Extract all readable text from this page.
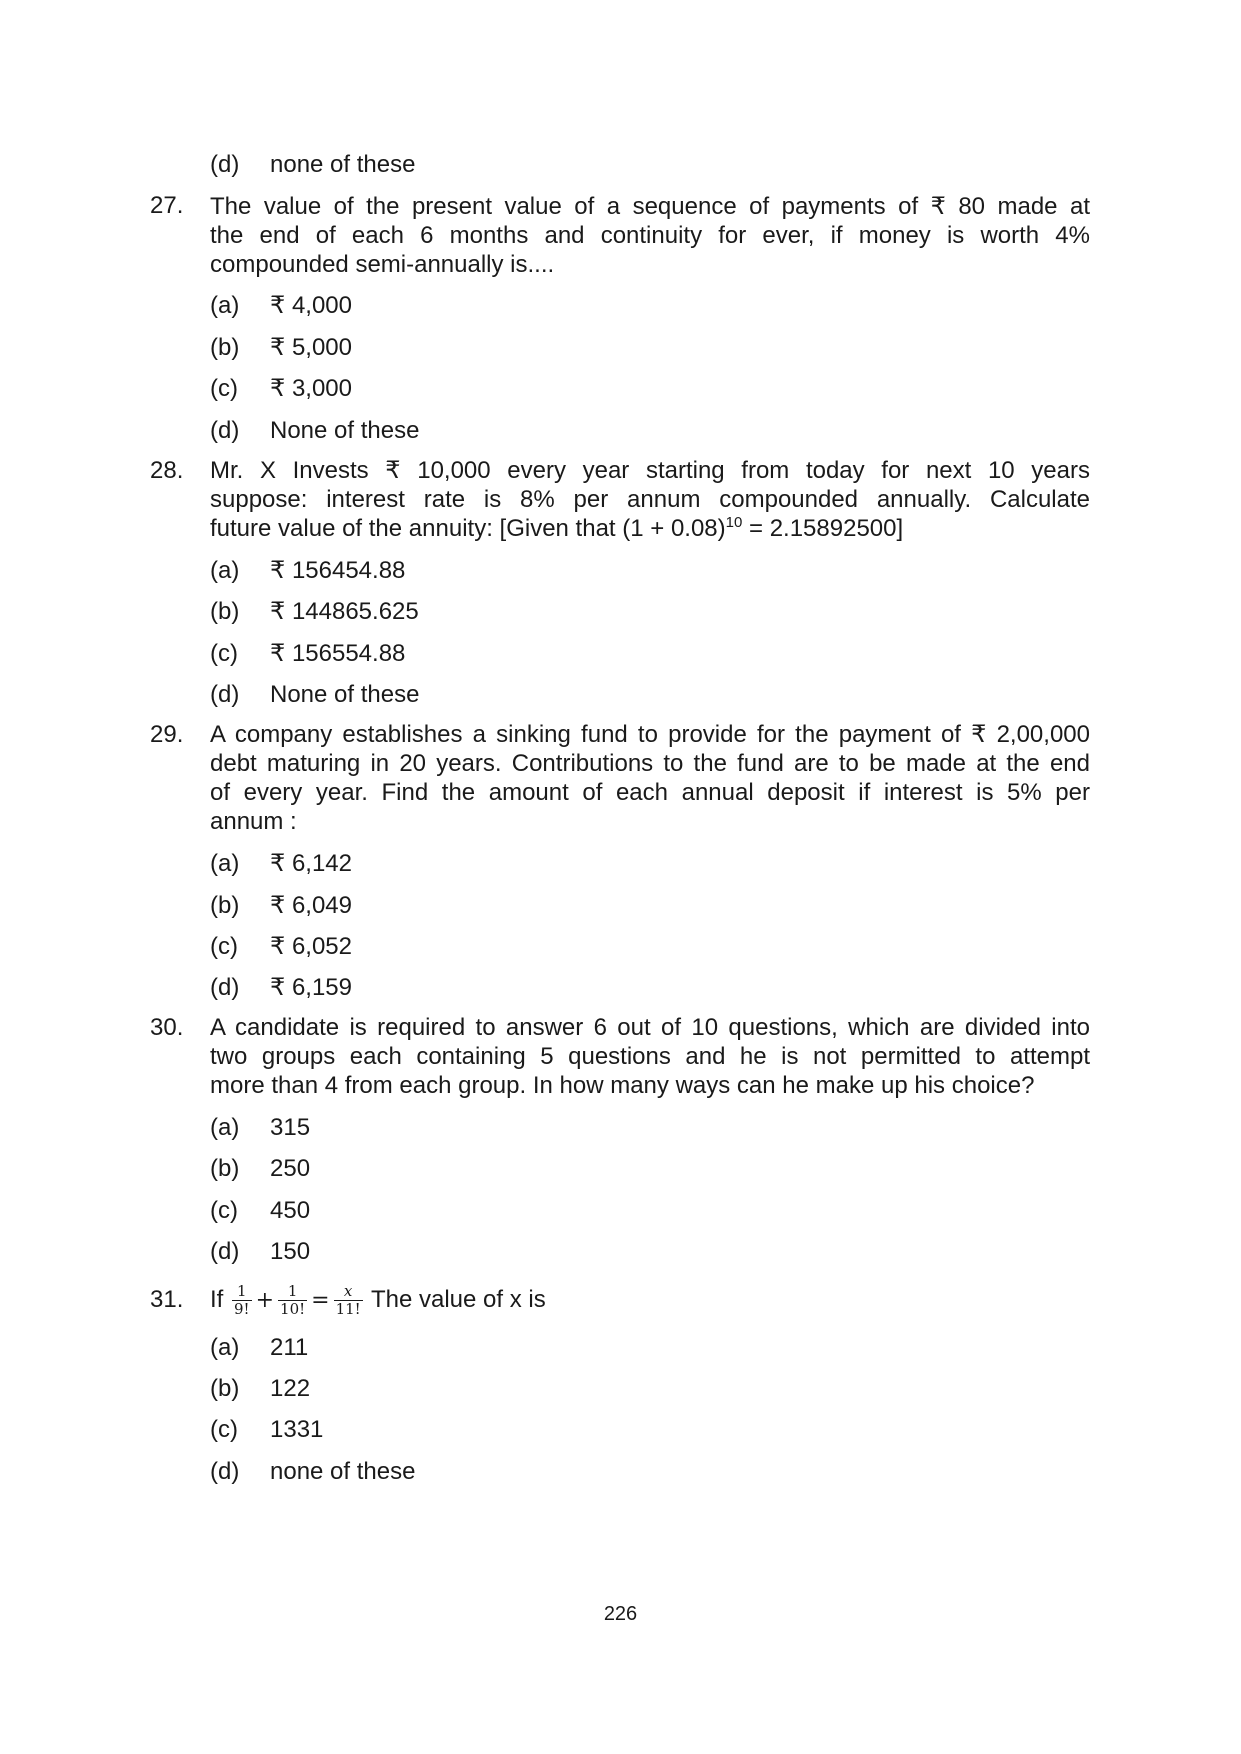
(d) none of these
27. The value of the present value of a sequence of payments of ₹ 80 made at
the end of each 6 months and continuity for ever, if money is worth 4%
compounded semi-annually is....
(a) ₹ 4,000
(b) ₹ 5,000
(c) ₹ 3,000
(d) None of these
28. Mr. X Invests ₹ 10,000 every year starting from today for next 10 years
suppose: interest rate is 8% per annum compounded annually. Calculate
future value of the annuity: [Given that $(1 + 0.08)^{10} = 2.15892500$]
(a) ₹ 156454.88
(b) ₹ 144865.625
(c) ₹ 156554.88
(d) None of these
29. A company establishes a sinking fund to provide for the payment of ₹ 2,00,000
debt maturing in 20 years. Contributions to the fund are to be made at the end
of every year. Find the amount of each annual deposit if interest is 5% per
annum :
(a) ₹ 6,142
(b) ₹ 6,049
(c) ₹ 6,052
(d) ₹ 6,159
30. A candidate is required to answer 6 out of 10 questions, which are divided into
two groups each containing 5 questions and he is not permitted to attempt
more than 4 from each group. In how many ways can he make up his choice?
(a) 315
(b) 250
(c) 450
(d) 150
31. If $\frac{1}{9!} + \frac{1}{10!} = \frac{x}{11!}$ The value of x is
(a) 211
(b) 122
(c) 1331
(d) none of these
226
